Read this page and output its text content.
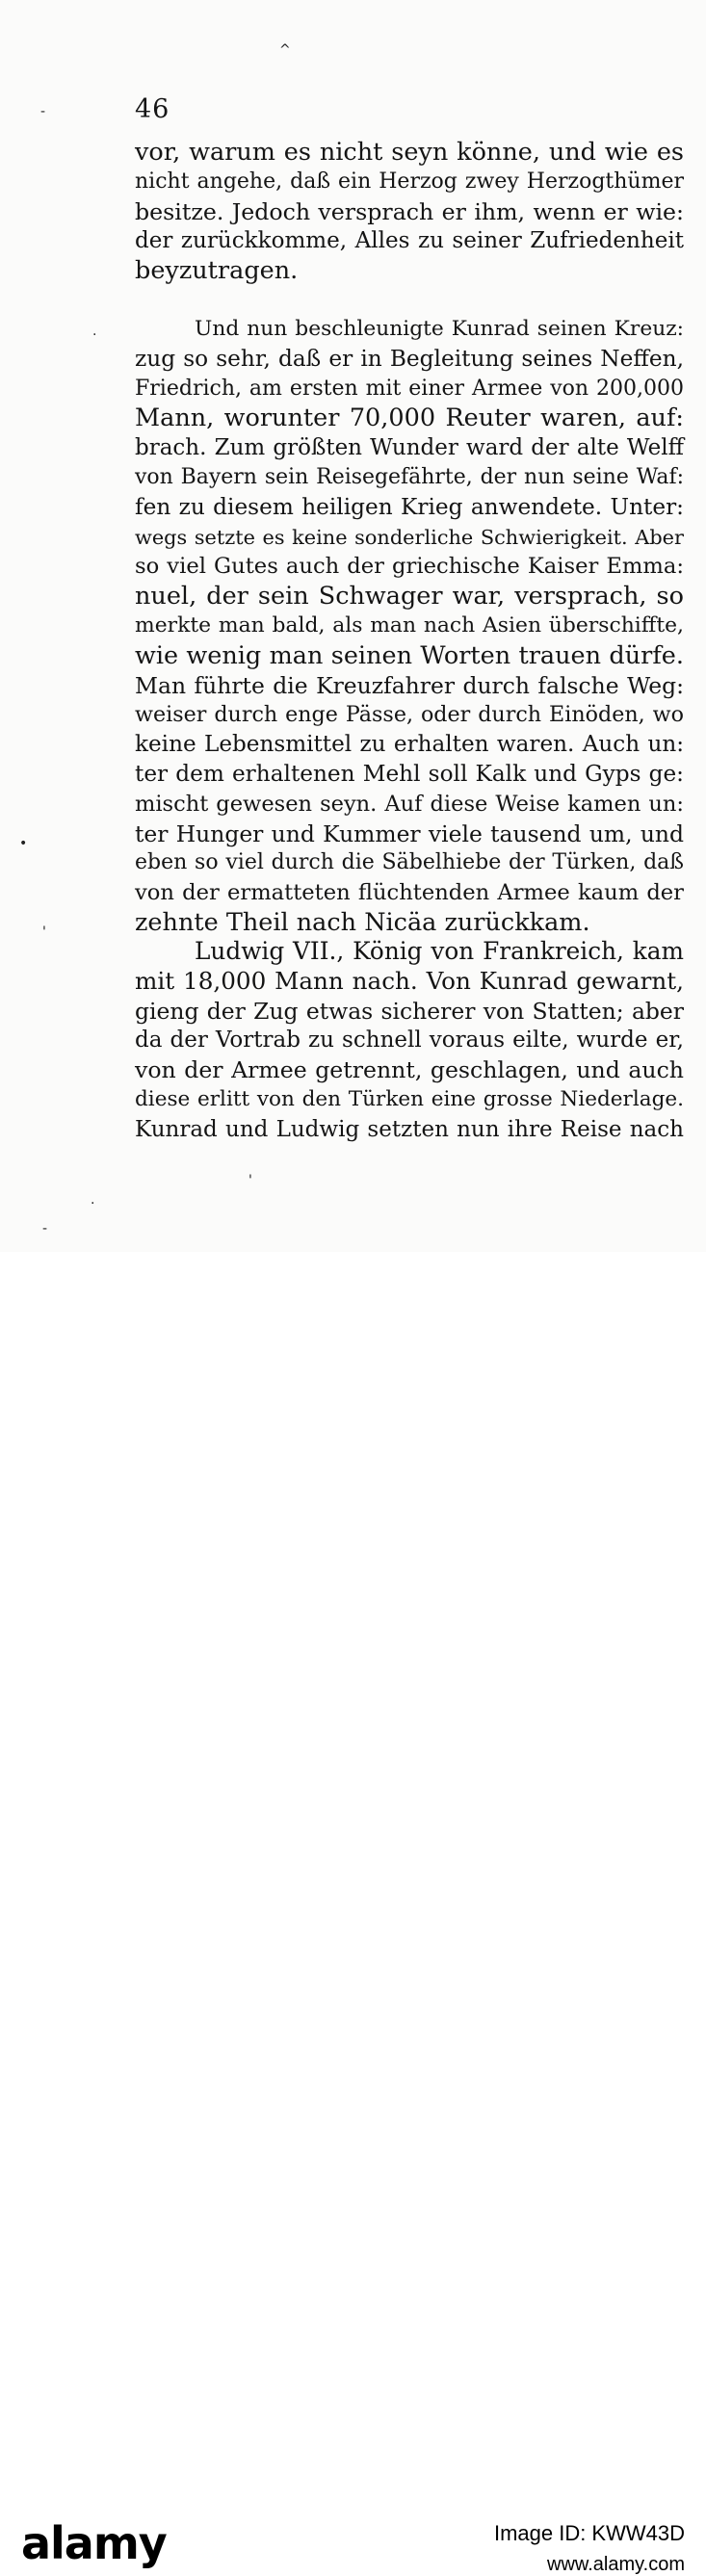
46
vor, warum es nicht seyn könne, und wie es
nicht angehe, daß ein Herzog zwey Herzogthümer
besitze. Jedoch versprach er ihm, wenn er wie:
der zurückkomme, Alles zu seiner Zufriedenheit
beyzutragen.
Und nun beschleunigte Kunrad seinen Kreuz:
zug so sehr, daß er in Begleitung seines Neffen,
Friedrich, am ersten mit einer Armee von 200,000
Mann, worunter 70,000 Reuter waren, auf:
brach. Zum größten Wunder ward der alte Welff
von Bayern sein Reisegefährte, der nun seine Waf:
fen zu diesem heiligen Krieg anwendete. Unter:
wegs setzte es keine sonderliche Schwierigkeit. Aber
so viel Gutes auch der griechische Kaiser Emma:
nuel, der sein Schwager war, versprach, so
merkte man bald, als man nach Asien überschiffte,
wie wenig man seinen Worten trauen dürfe.
Man führte die Kreuzfahrer durch falsche Weg:
weiser durch enge Pässe, oder durch Einöden, wo
keine Lebensmittel zu erhalten waren. Auch un:
ter dem erhaltenen Mehl soll Kalk und Gyps ge:
mischt gewesen seyn. Auf diese Weise kamen un:
ter Hunger und Kummer viele tausend um, und
eben so viel durch die Säbelhiebe der Türken, daß
von der ermatteten flüchtenden Armee kaum der
zehnte Theil nach Nicäa zurückkam.
Ludwig VII., König von Frankreich, kam
mit 18,000 Mann nach. Von Kunrad gewarnt,
gieng der Zug etwas sicherer von Statten; aber
da der Vortrab zu schnell voraus eilte, wurde er,
von der Armee getrennt, geschlagen, und auch
diese erlitt von den Türken eine grosse Niederlage.
Kunrad und Ludwig setzten nun ihre Reise nach
^
-
·
•
'
.
'
-
alamy	Image ID: KWW43D
www.alamy.com
